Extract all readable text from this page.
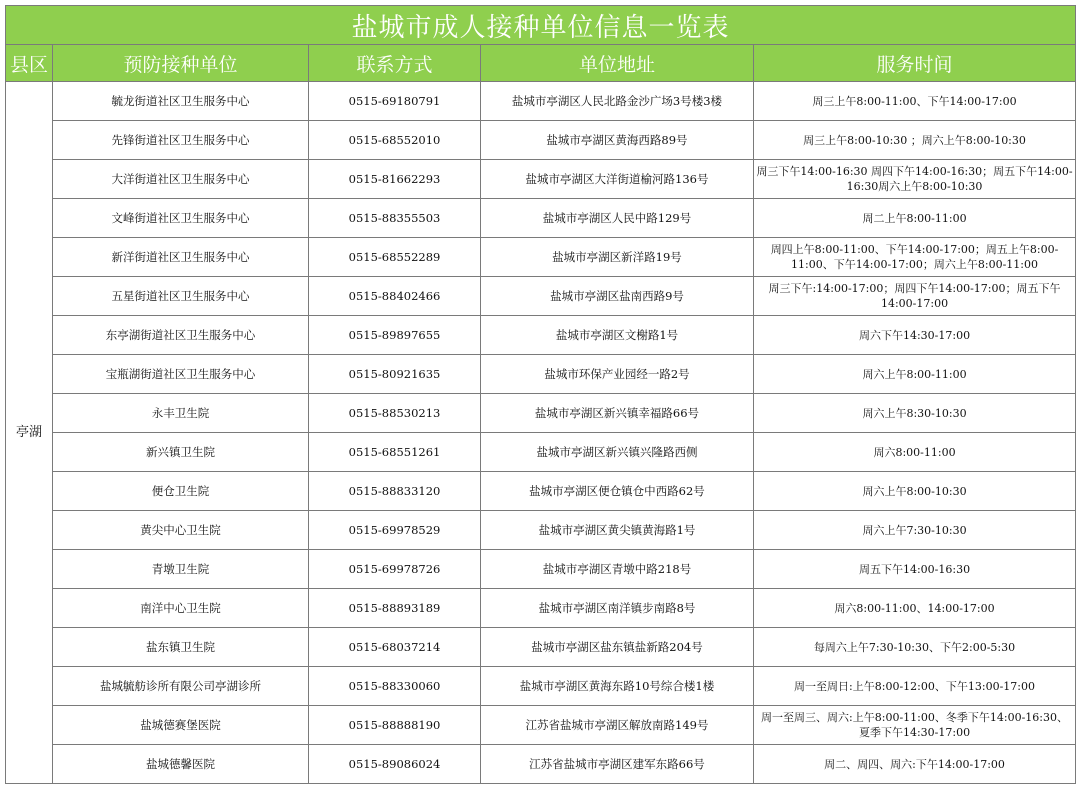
盐城市成人接种单位信息一览表				
县区	预防接种单位	联系方式	单位地址	服务时间
亭湖	毓龙街道社区卫生服务中心	0515-69180791	盐城市亭湖区人民北路金沙广场3号楼3楼	周三上午8:00-11:00、下午14:00-17:00
	先锋街道社区卫生服务中心	0515-68552010	盐城市亭湖区黄海西路89号	周三上午8:00-10:30 ；周六上午8:00-10:30
	大洋街道社区卫生服务中心	0515-81662293	盐城市亭湖区大洋街道榆河路136号	周三下午14:00-16:30 周四下午14:00-16:30；周五下午14:00-16:30周六上午8:00-10:30
	文峰街道社区卫生服务中心	0515-88355503	盐城市亭湖区人民中路129号	周二上午8:00-11:00
	新洋街道社区卫生服务中心	0515-68552289	盐城市亭湖区新洋路19号	周四上午8:00-11:00、下午14:00-17:00；周五上午8:00-11:00、下午14:00-17:00；周六上午8:00-11:00
	五星街道社区卫生服务中心	0515-88402466	盐城市亭湖区盐南西路9号	周三下午:14:00-17:00；周四下午14:00-17:00；周五下午14:00-17:00
	东亭湖街道社区卫生服务中心	0515-89897655	盐城市亭湖区文榭路1号	周六下午14:30-17:00
	宝瓶湖街道社区卫生服务中心	0515-80921635	盐城市环保产业园经一路2号	周六上午8:00-11:00
	永丰卫生院	0515-88530213	盐城市亭湖区新兴镇幸福路66号	周六上午8:30-10:30
	新兴镇卫生院	0515-68551261	盐城市亭湖区新兴镇兴隆路西侧	周六8:00-11:00
	便仓卫生院	0515-88833120	盐城市亭湖区便仓镇仓中西路62号	周六上午8:00-10:30
	黄尖中心卫生院	0515-69978529	盐城市亭湖区黄尖镇黄海路1号	周六上午7:30-10:30
	青墩卫生院	0515-69978726	盐城市亭湖区青墩中路218号	周五下午14:00-16:30
	南洋中心卫生院	0515-88893189	盐城市亭湖区南洋镇步南路8号	周六8:00-11:00、14:00-17:00
	盐东镇卫生院	0515-68037214	盐城市亭湖区盐东镇盐新路204号	每周六上午7:30-10:30、下午2:00-5:30
	盐城毓舫诊所有限公司亭湖诊所	0515-88330060	盐城市亭湖区黄海东路10号综合楼1楼	周一至周日:上午8:00-12:00、下午13:00-17:00
	盐城德赛堡医院	0515-88888190	江苏省盐城市亭湖区解放南路149号	周一至周三、周六:上午8:00-11:00、冬季下午14:00-16:30、夏季下午14:30-17:00
	盐城德馨医院	0515-89086024	江苏省盐城市亭湖区建军东路66号	周二、周四、周六:下午14:00-17:00
